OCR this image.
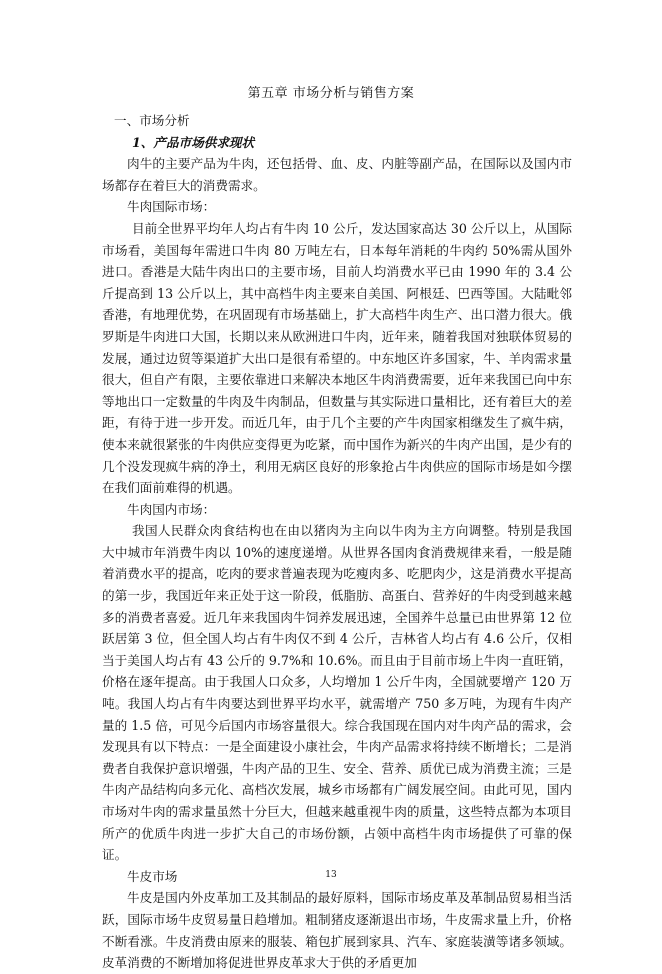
第五章 市场分析与销售方案

一、市场分析

1、产品市场供求现状

肉牛的主要产品为牛肉，还包括骨、血、皮、内脏等副产品，在国际以及国内市场都存在着巨大的消费需求。

牛肉国际市场：

目前全世界平均年人均占有牛肉 10 公斤，发达国家高达 30 公斤以上，从国际市场看，美国每年需进口牛肉 80 万吨左右，日本每年消耗的牛肉约 50%需从国外进口。香港是大陆牛肉出口的主要市场，目前人均消费水平已由 1990 年的 3.4 公斤提高到 13 公斤以上，其中高档牛肉主要来自美国、阿根廷、巴西等国。大陆毗邻香港，有地理优势，在巩固现有市场基础上，扩大高档牛肉生产、出口潜力很大。俄罗斯是牛肉进口大国，长期以来从欧洲进口牛肉，近年来，随着我国对独联体贸易的发展，通过边贸等渠道扩大出口是很有希望的。中东地区许多国家，牛、羊肉需求量很大，但自产有限，主要依靠进口来解决本地区牛肉消费需要，近年来我国已向中东等地出口一定数量的牛肉及牛肉制品，但数量与其实际进口量相比，还有着巨大的差距，有待于进一步开发。而近几年，由于几个主要的产牛肉国家相继发生了疯牛病，使本来就很紧张的牛肉供应变得更为吃紧，而中国作为新兴的牛肉产出国，是少有的几个没发现疯牛病的净土，利用无病区良好的形象抢占牛肉供应的国际市场是如今摆在我们面前难得的机遇。

牛肉国内市场：

我国人民群众肉食结构也在由以猪肉为主向以牛肉为主方向调整。特别是我国大中城市年消费牛肉以 10%的速度递增。从世界各国肉食消费规律来看，一般是随着消费水平的提高，吃肉的要求普遍表现为吃瘦肉多、吃肥肉少，这是消费水平提高的第一步，我国近年来正处于这一阶段，低脂肪、高蛋白、营养好的牛肉受到越来越多的消费者喜爱。近几年来我国肉牛饲养发展迅速，全国养牛总量已由世界第 12 位跃居第 3 位，但全国人均占有牛肉仅不到 4 公斤，吉林省人均占有 4.6 公斤，仅相当于美国人均占有 43 公斤的 9.7%和 10.6%。而且由于目前市场上牛肉一直旺销，价格在逐年提高。由于我国人口众多，人均增加 1 公斤牛肉，全国就要增产 120 万吨。我国人均占有牛肉要达到世界平均水平，就需增产 750 多万吨，为现有牛肉产量的 1.5 倍，可见今后国内市场容量很大。综合我国现在国内对牛肉产品的需求，会发现具有以下特点：一是全面建设小康社会，牛肉产品需求将持续不断增长；二是消费者自我保护意识增强，牛肉产品的卫生、安全、营养、质优已成为消费主流；三是牛肉产品结构向多元化、高档次发展，城乡市场都有广阔发展空间。由此可见，国内市场对牛肉的需求量虽然十分巨大，但越来越重视牛肉的质量，这些特点都为本项目所产的优质牛肉进一步扩大自己的市场份额，占领中高档牛肉市场提供了可靠的保证。

牛皮市场

牛皮是国内外皮革加工及其制品的最好原料，国际市场皮革及革制品贸易相当活跃，国际市场牛皮贸易量日趋增加。粗制猪皮逐渐退出市场，牛皮需求量上升，价格不断看涨。牛皮消费由原来的服装、箱包扩展到家具、汽车、家庭装潢等诸多领域。皮革消费的不断增加将促进世界皮革求大于供的矛盾更加

13
